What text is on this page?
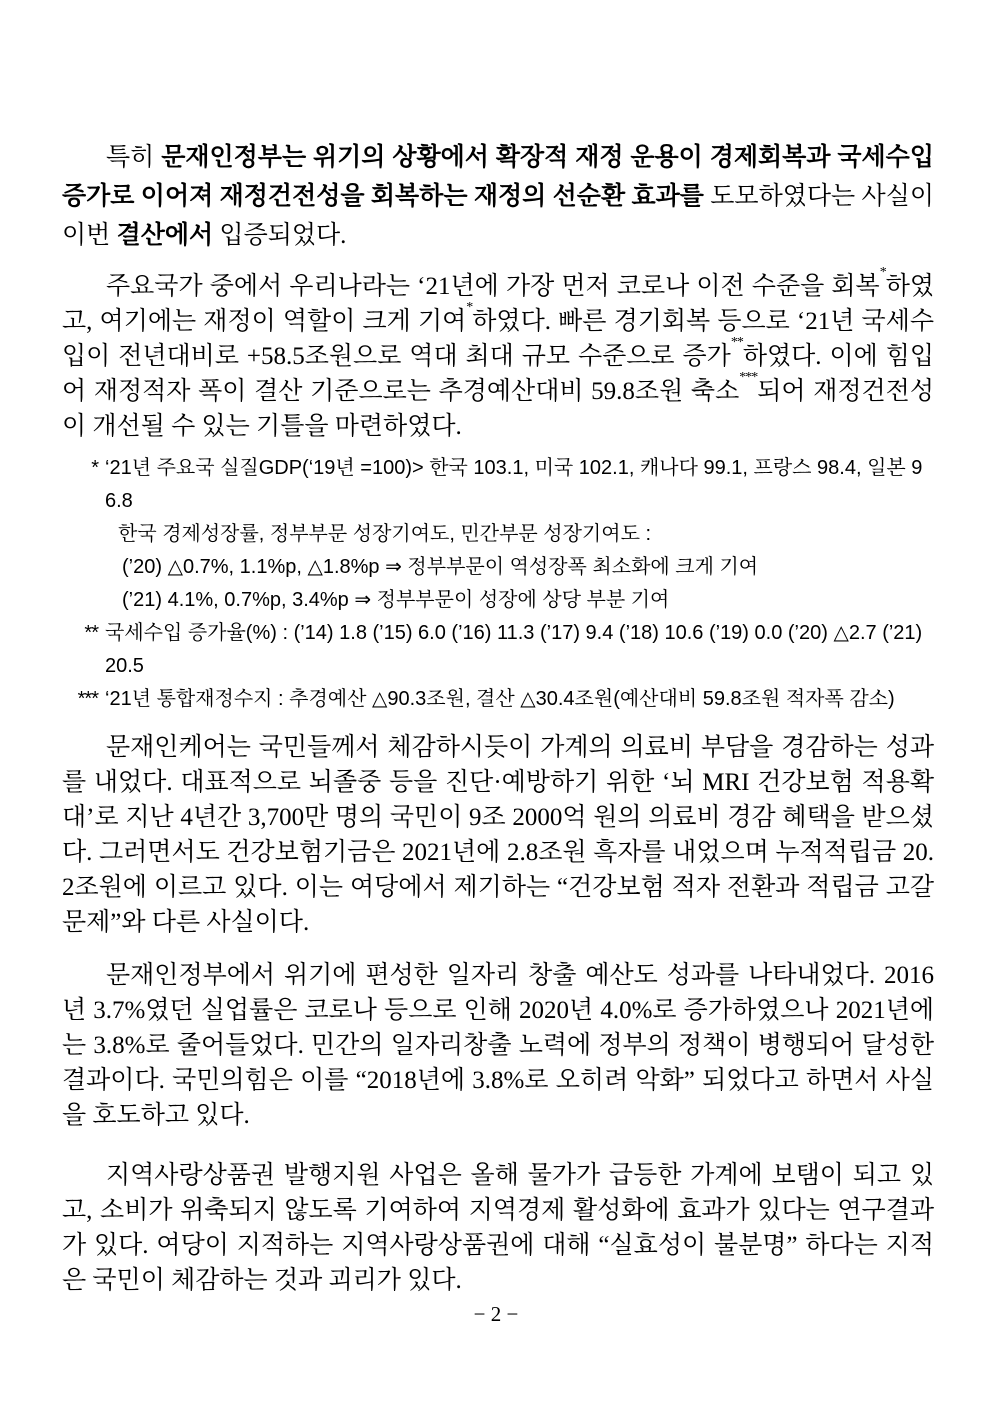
특히 문재인정부는 위기의 상황에서 확장적 재정 운용이 경제회복과 국세수입 증가로 이어져 재정건전성을 회복하는 재정의 선순환 효과를 도모하였다는 사실이 이번 결산에서 입증되었다.

주요국가 중에서 우리나라는 ‘21년에 가장 먼저 코로나 이전 수준을 회복*하였고, 여기에는 재정이 역할이 크게 기여*하였다. 빠른 경기회복 등으로 ‘21년 국세수입이 전년대비로 +58.5조원으로 역대 최대 규모 수준으로 증가**하였다. 이에 힘입어 재정적자 폭이 결산 기준으로는 추경예산대비 59.8조원 축소***되어 재정건전성이 개선될 수 있는 기틀을 마련하였다.

* ‘21년 주요국 실질GDP(‘19년 =100)> 한국 103.1, 미국 102.1, 캐나다 99.1, 프랑스 98.4, 일본 96.8
한국 경제성장률, 정부부문 성장기여도, 민간부문 성장기여도 :
(’20) △0.7%, 1.1%p, △1.8%p ⇒ 정부부문이 역성장폭 최소화에 크게 기여
(’21) 4.1%, 0.7%p, 3.4%p ⇒ 정부부문이 성장에 상당 부분 기여
** 국세수입 증가율(%) : (’14) 1.8 (’15) 6.0 (’16) 11.3 (’17) 9.4 (’18) 10.6 (’19) 0.0 (’20) △2.7 (’21) 20.5
*** ‘21년 통합재정수지 : 추경예산 △90.3조원, 결산 △30.4조원(예산대비 59.8조원 적자폭 감소)

문재인케어는 국민들께서 체감하시듯이 가계의 의료비 부담을 경감하는 성과를 내었다. 대표적으로 뇌졸중 등을 진단·예방하기 위한 ‘뇌 MRI 건강보험 적용확대’로 지난 4년간 3,700만 명의 국민이 9조 2000억 원의 의료비 경감 혜택을 받으셨다. 그러면서도 건강보험기금은 2021년에 2.8조원 흑자를 내었으며 누적적립금 20.2조원에 이르고 있다. 이는 여당에서 제기하는 “건강보험 적자 전환과 적립금 고갈 문제”와 다른 사실이다.

문재인정부에서 위기에 편성한 일자리 창출 예산도 성과를 나타내었다. 2016년 3.7%였던 실업률은 코로나 등으로 인해 2020년 4.0%로 증가하였으나 2021년에는 3.8%로 줄어들었다. 민간의 일자리창출 노력에 정부의 정책이 병행되어 달성한 결과이다. 국민의힘은 이를 “2018년에 3.8%로 오히려 악화” 되었다고 하면서 사실을 호도하고 있다.

지역사랑상품권 발행지원 사업은 올해 물가가 급등한 가계에 보탬이 되고 있고, 소비가 위축되지 않도록 기여하여 지역경제 활성화에 효과가 있다는 연구결과가 있다. 여당이 지적하는 지역사랑상품권에 대해 “실효성이 불분명” 하다는 지적은 국민이 체감하는 것과 괴리가 있다.

− 2 −
